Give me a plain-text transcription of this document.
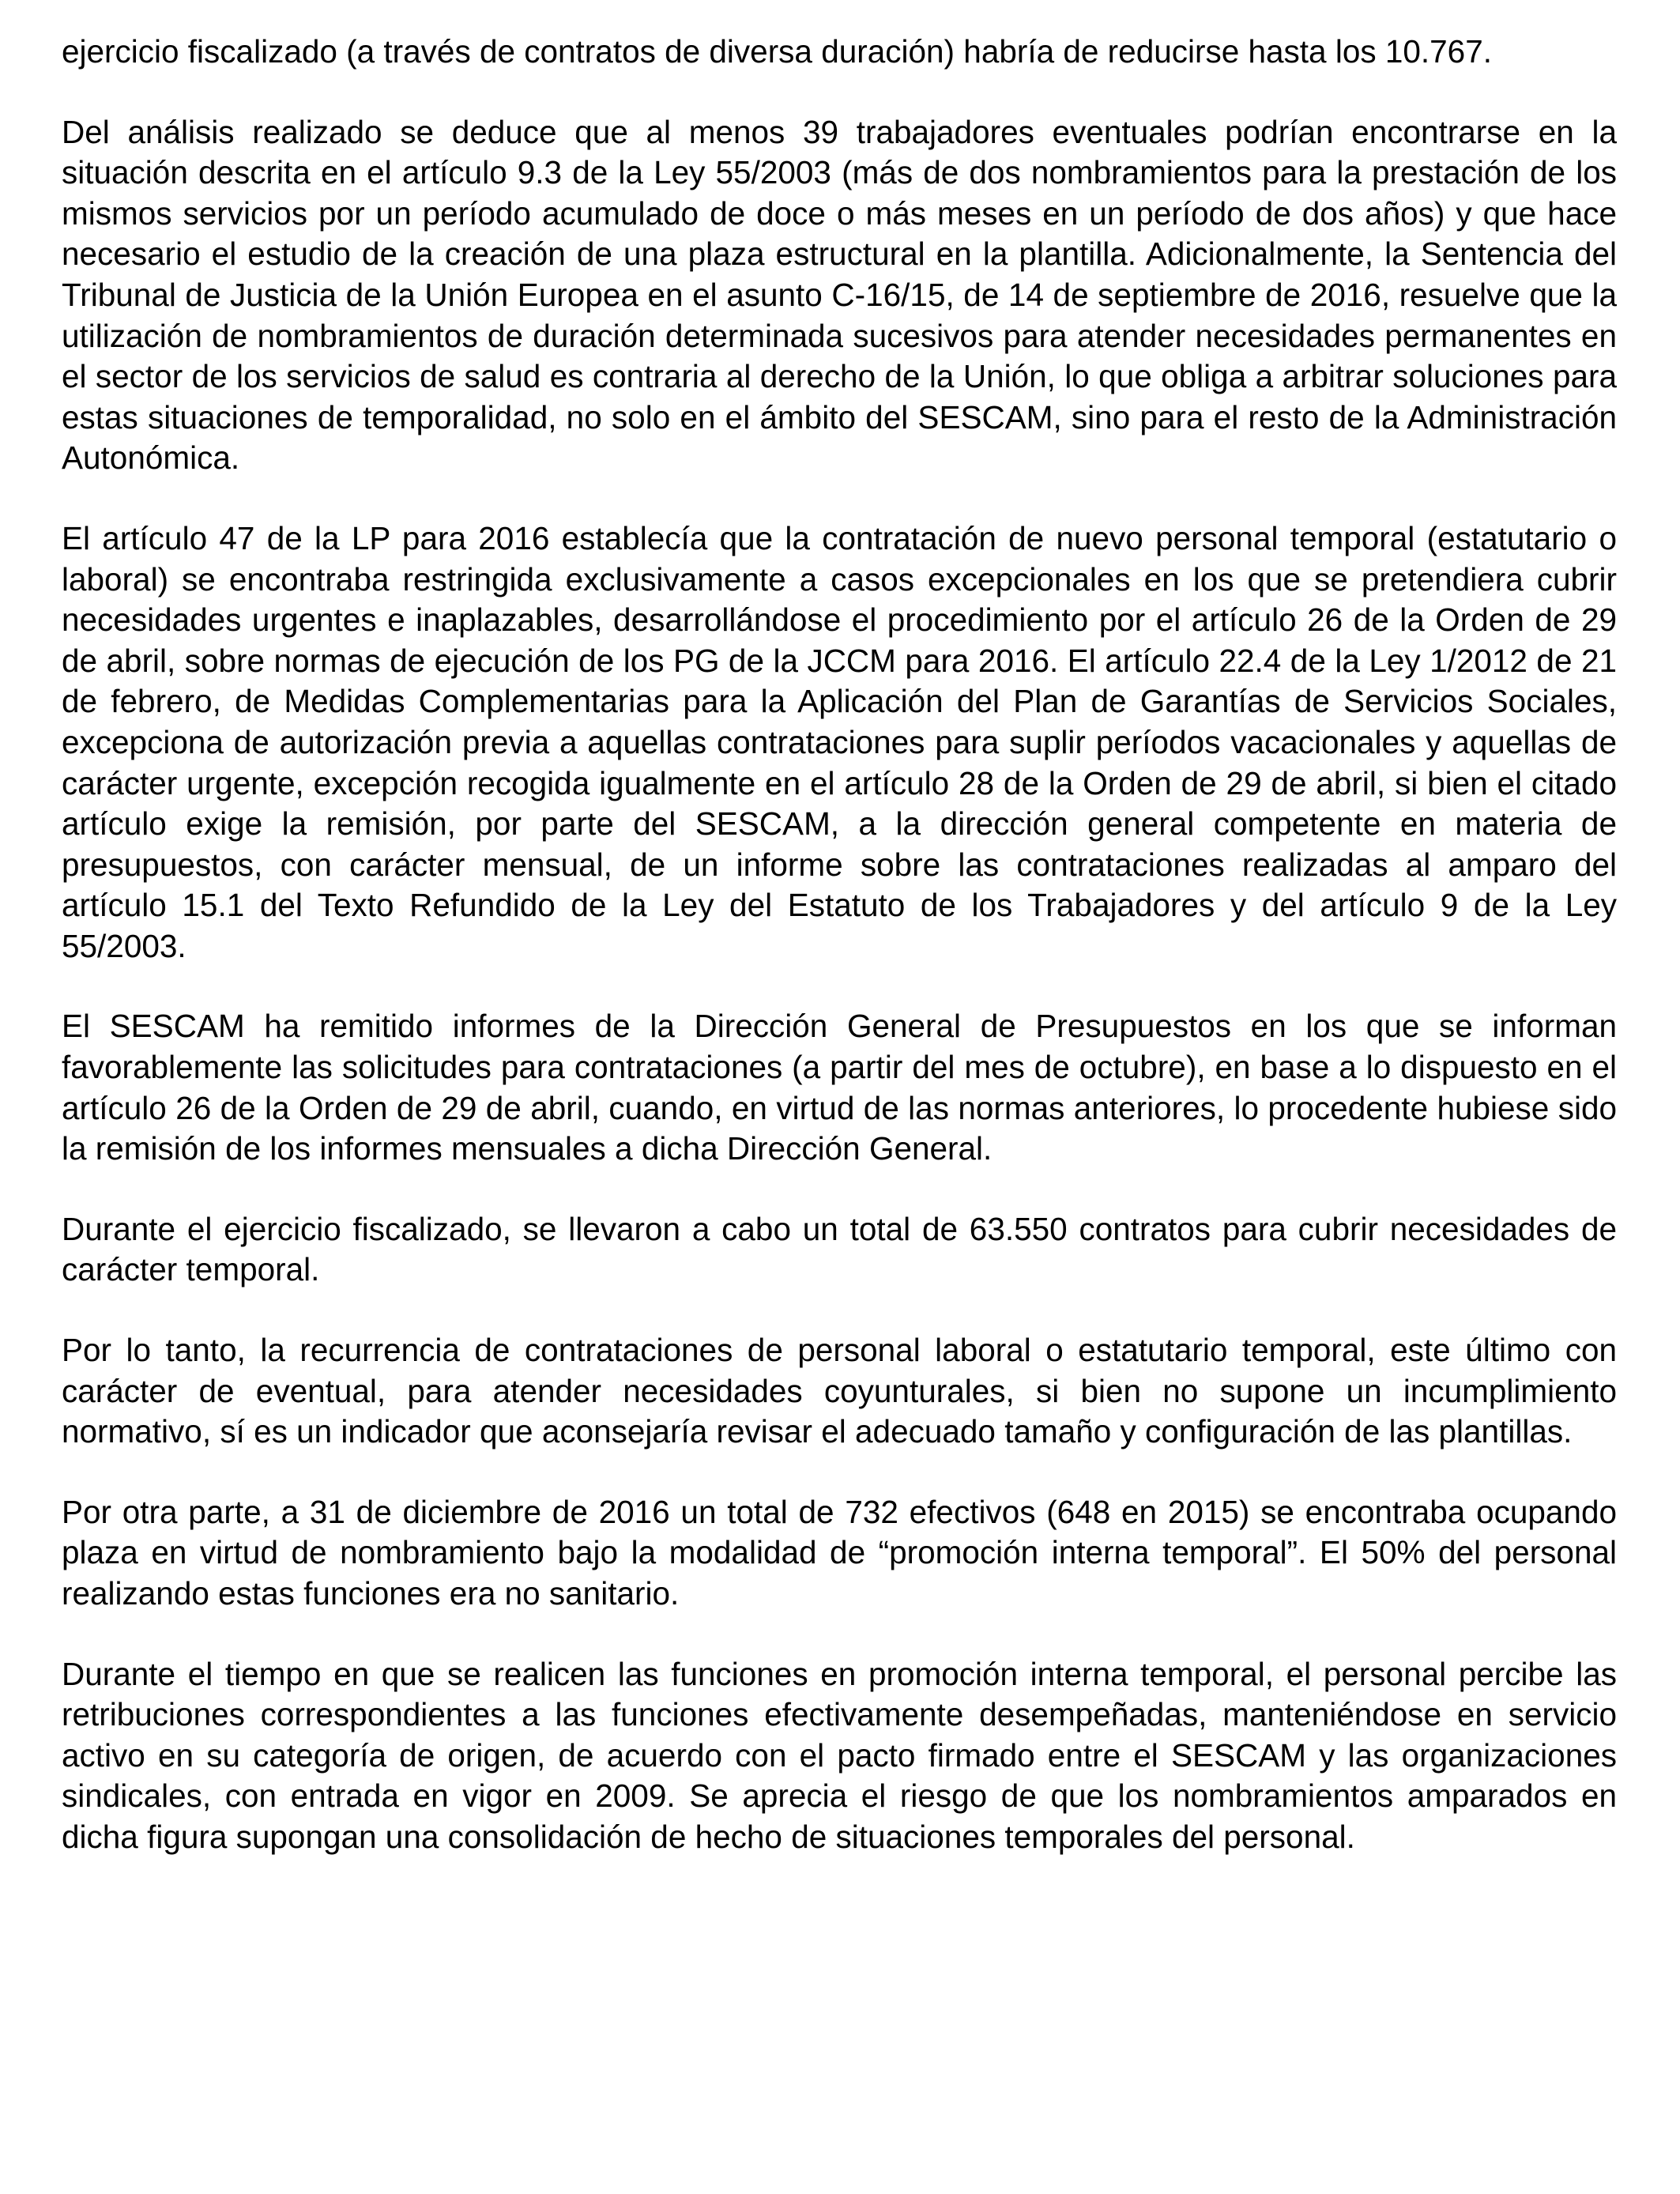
ejercicio fiscalizado (a través de contratos de diversa duración) habría de reducirse hasta los 10.767.

Del análisis realizado se deduce que al menos 39 trabajadores eventuales podrían encontrarse en la situación descrita en el artículo 9.3 de la Ley 55/2003 (más de dos nombramientos para la prestación de los mismos servicios por un período acumulado de doce o más meses en un período de dos años) y que hace necesario el estudio de la creación de una plaza estructural en la plantilla. Adicionalmente, la Sentencia del Tribunal de Justicia de la Unión Europea en el asunto C-16/15, de 14 de septiembre de 2016, resuelve que la utilización de nombramientos de duración determinada sucesivos para atender necesidades permanentes en el sector de los servicios de salud es contraria al derecho de la Unión, lo que obliga a arbitrar soluciones para estas situaciones de temporalidad, no solo en el ámbito del SESCAM, sino para el resto de la Administración Autonómica.

El artículo 47 de la LP para 2016 establecía que la contratación de nuevo personal temporal (estatutario o laboral) se encontraba restringida exclusivamente a casos excepcionales en los que se pretendiera cubrir necesidades urgentes e inaplazables, desarrollándose el procedimiento por el artículo 26 de la Orden de 29 de abril, sobre normas de ejecución de los PG de la JCCM para 2016. El artículo 22.4 de la Ley 1/2012 de 21 de febrero, de Medidas Complementarias para la Aplicación del Plan de Garantías de Servicios Sociales, excepciona de autorización previa a aquellas contrataciones para suplir períodos vacacionales y aquellas de carácter urgente, excepción recogida igualmente en el artículo 28 de la Orden de 29 de abril, si bien el citado artículo exige la remisión, por parte del SESCAM, a la dirección general competente en materia de presupuestos, con carácter mensual, de un informe sobre las contrataciones realizadas al amparo del artículo 15.1 del Texto Refundido de la Ley del Estatuto de los Trabajadores y del artículo 9 de la Ley 55/2003.

El SESCAM ha remitido informes de la Dirección General de Presupuestos en los que se informan favorablemente las solicitudes para contrataciones (a partir del mes de octubre), en base a lo dispuesto en el artículo 26 de la Orden de 29 de abril, cuando, en virtud de las normas anteriores, lo procedente hubiese sido la remisión de los informes mensuales a dicha Dirección General.

Durante el ejercicio fiscalizado, se llevaron a cabo un total de 63.550 contratos para cubrir necesidades de carácter temporal.

Por lo tanto, la recurrencia de contrataciones de personal laboral o estatutario temporal, este último con carácter de eventual, para atender necesidades coyunturales, si bien no supone un incumplimiento normativo, sí es un indicador que aconsejaría revisar el adecuado tamaño y configuración de las plantillas.

Por otra parte, a 31 de diciembre de 2016 un total de 732 efectivos (648 en 2015) se encontraba ocupando plaza en virtud de nombramiento bajo la modalidad de “promoción interna temporal”. El 50% del personal realizando estas funciones era no sanitario.

Durante el tiempo en que se realicen las funciones en promoción interna temporal, el personal percibe las retribuciones correspondientes a las funciones efectivamente desempeñadas, manteniéndose en servicio activo en su categoría de origen, de acuerdo con el pacto firmado entre el SESCAM y las organizaciones sindicales, con entrada en vigor en 2009. Se aprecia el riesgo de que los nombramientos amparados en dicha figura supongan una consolidación de hecho de situaciones temporales del personal.
